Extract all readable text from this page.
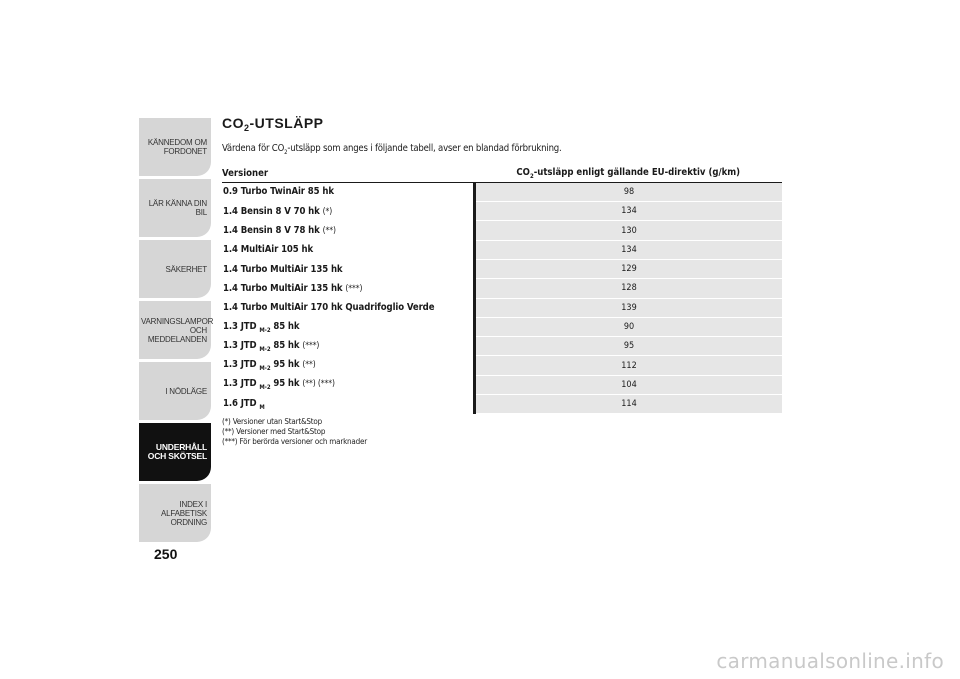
KÄNNEDOM OM FORDONET
LÄR KÄNNA DIN BIL
SÄKERHET
VARNINGSLAMPOR OCH MEDDELANDEN
I NÖDLÄGE
UNDERHÅLL OCH SKÖTSEL
INDEX I ALFABETISK ORDNING
250
$CO_2$-UTSLÄPP
Värdena för $CO_2$-utsläpp som anges i följande tabell, avser en blandad förbrukning.
Versioner	$CO_2$-utsläpp enligt gällande EU-direktiv (g/km)
0.9 Turbo TwinAir 85 hk	98
1.4 Bensin 8 V 70 hk (*)	134
1.4 Bensin 8 V 78 hk (**)	130
1.4 MultiAir 105 hk	134
1.4 Turbo MultiAir 135 hk	129
1.4 Turbo MultiAir 135 hk (***)	128
1.4 Turbo MultiAir 170 hk Quadrifoglio Verde	139
1.3 JTD $_{M-2}$ 85 hk	90
1.3 JTD $_{M-2}$ 85 hk (***)	95
1.3 JTD $_{M-2}$ 95 hk (**)	112
1.3 JTD $_{M-2}$ 95 hk (**) (***)	104
1.6 JTD $_M$	114
(*) Versioner utan Start&Stop
(**) Versioner med Start&Stop
(***) För berörda versioner och marknader
carmanualsonline.info
